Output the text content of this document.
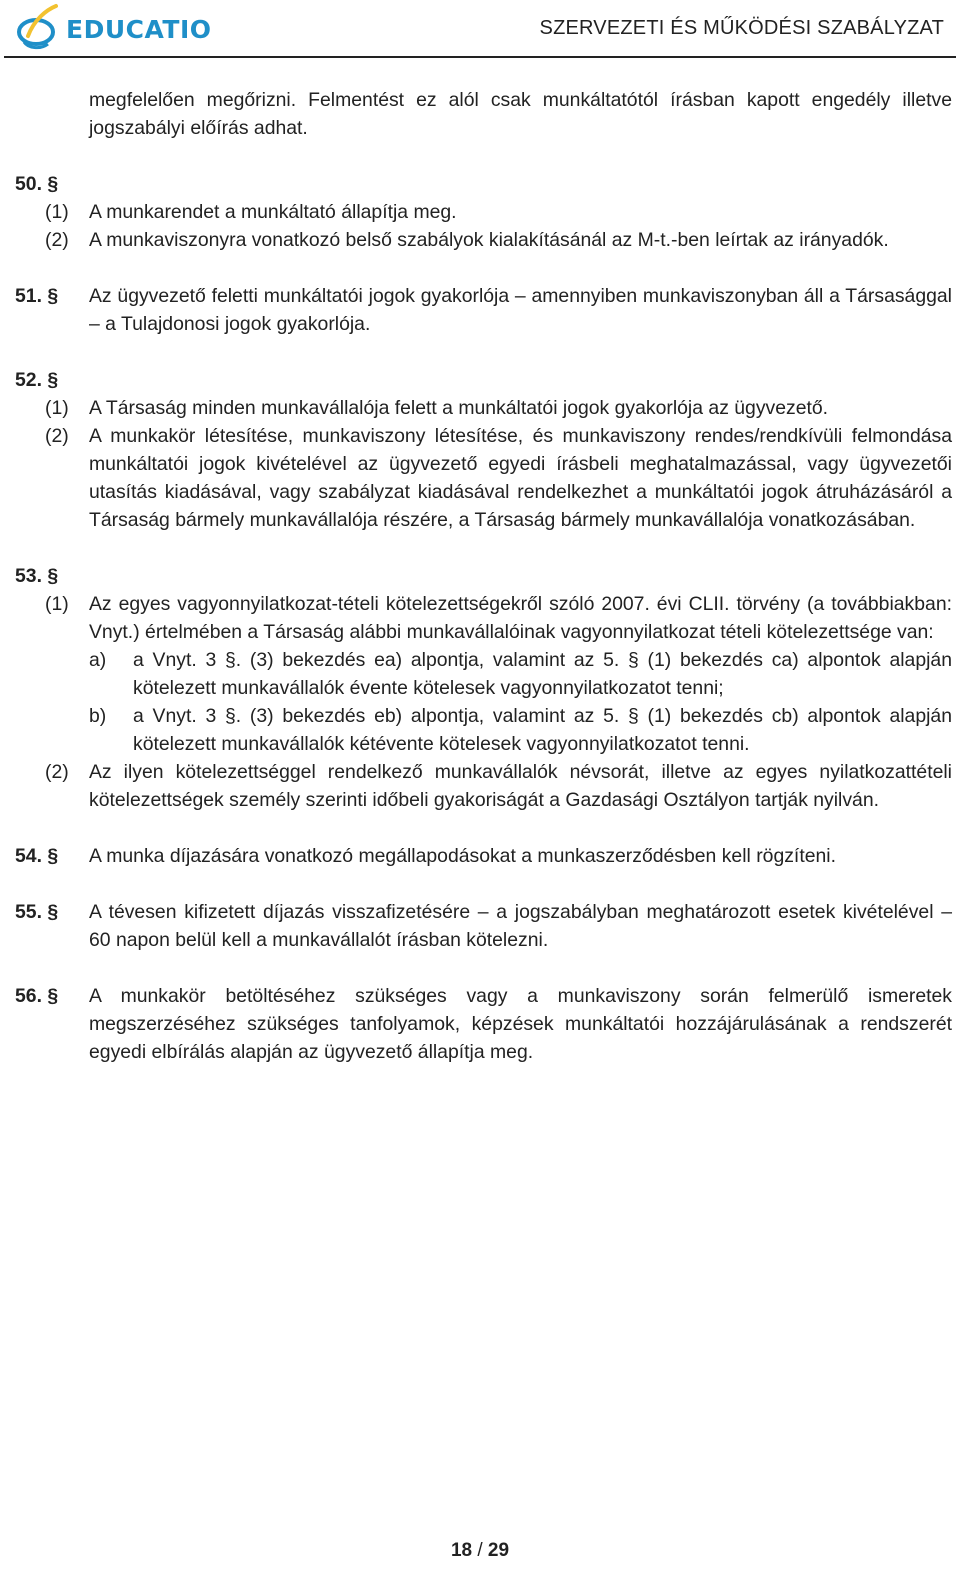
EDUCATIO	SZERVEZETI ÉS MŰKÖDÉSI SZABÁLYZAT
megfelelően megőrizni. Felmentést ez alól csak munkáltatótól írásban kapott engedély illetve jogszabályi előírás adhat.
50. §
(1) A munkarendet a munkáltató állapítja meg.
(2) A munkaviszonyra vonatkozó belső szabályok kialakításánál az M-t.-ben leírtak az irányadók.
51. § Az ügyvezető feletti munkáltatói jogok gyakorlója – amennyiben munkaviszonyban áll a Társasággal – a Tulajdonosi jogok gyakorlója.
52. §
(1) A Társaság minden munkavállalója felett a munkáltatói jogok gyakorlója az ügyvezető.
(2) A munkakör létesítése, munkaviszony létesítése, és munkaviszony rendes/rendkívüli felmondása munkáltatói jogok kivételével az ügyvezető egyedi írásbeli meghatalmazással, vagy ügyvezetői utasítás kiadásával, vagy szabályzat kiadásával rendelkezhet a munkáltatói jogok átruházásáról a Társaság bármely munkavállalója részére, a Társaság bármely munkavállalója vonatkozásában.
53. §
(1) Az egyes vagyonnyilatkozat-tételi kötelezettségekről szóló 2007. évi CLII. törvény (a továbbiakban: Vnyt.) értelmében a Társaság alábbi munkavállalóinak vagyonnyilatkozat tételi kötelezettsége van:
a) a Vnyt. 3 §. (3) bekezdés ea) alpontja, valamint az 5. § (1) bekezdés ca) alpontok alapján kötelezett munkavállalók évente kötelesek vagyonnyilatkozatot tenni;
b) a Vnyt. 3 §. (3) bekezdés eb) alpontja, valamint az 5. § (1) bekezdés cb) alpontok alapján kötelezett munkavállalók kétévente kötelesek vagyonnyilatkozatot tenni.
(2) Az ilyen kötelezettséggel rendelkező munkavállalók névsorát, illetve az egyes nyilatkozattételi kötelezettségek személy szerinti időbeli gyakoriságát a Gazdasági Osztályon tartják nyilván.
54. § A munka díjazására vonatkozó megállapodásokat a munkaszerződésben kell rögzíteni.
55. § A tévesen kifizetett díjazás visszafizetésére – a jogszabályban meghatározott esetek kivételével – 60 napon belül kell a munkavállalót írásban kötelezni.
56. § A munkakör betöltéséhez szükséges vagy a munkaviszony során felmerülő ismeretek megszerzéséhez szükséges tanfolyamok, képzések munkáltatói hozzájárulásának a rendszerét egyedi elbírálás alapján az ügyvezető állapítja meg.
18 / 29
